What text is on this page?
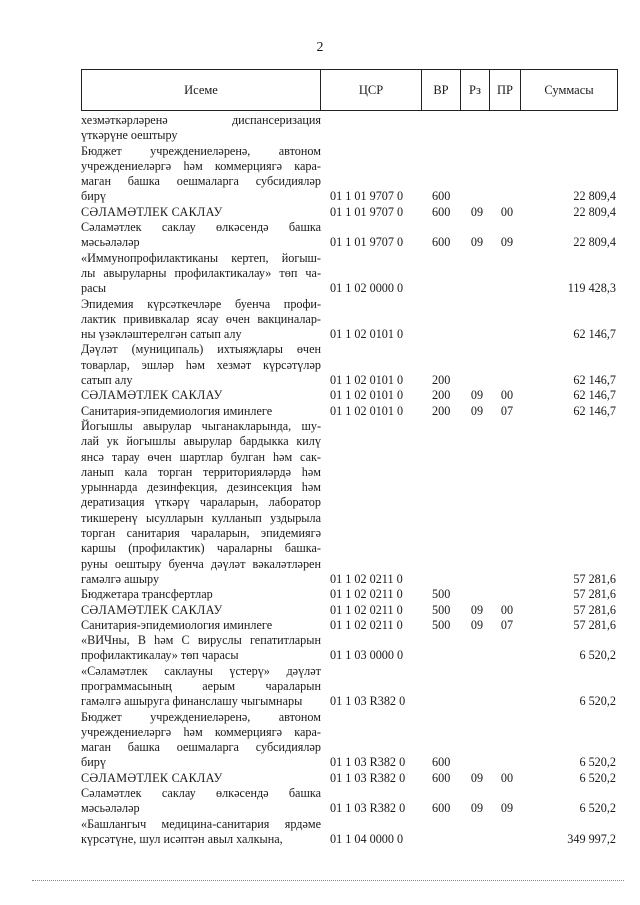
2
Исеме	ЦСР	ВР	Рз	ПР	Суммасы
хезмәткәрләренә диспансеризация
үткәрүне оештыру
Бюджет учреждениеләренә, автоном
учреждениеләргә һәм коммерциягә кара-
маган башка оешмаларга субсидияләр
бирү	01 1 01 9707 0	600	22 809,4
СӘЛАМӘТЛЕК САКЛАУ	01 1 01 9707 0	600	09	00	22 809,4
Сәламәтлек саклау өлкәсендә башка
мәсьәләләр	01 1 01 9707 0	600	09	09	22 809,4
«Иммунопрофилактиканы кертеп, йогыш-
лы авыруларны профилактикалау» төп ча-
расы	01 1 02 0000 0	119 428,3
Эпидемия күрсәткечләре буенча профи-
лактик прививкалар ясау өчен вакциналар-
ны үзәкләштерелгән сатып алу	01 1 02 0101 0	62 146,7
Дәүләт (муниципаль) ихтыяҗлары өчен
товарлар, эшләр һәм хезмәт күрсәтүләр
сатып алу	01 1 02 0101 0	200	62 146,7
СӘЛАМӘТЛЕК САКЛАУ	01 1 02 0101 0	200	09	00	62 146,7
Санитария-эпидемиология иминлеге	01 1 02 0101 0	200	09	07	62 146,7
Йогышлы авырулар чыганакларында, шу-
лай ук йогышлы авырулар бардыкка килү
янсә тарау өчен шартлар булган һәм сак-
ланып кала торган территорияләрдә һәм
урыннарда дезинфекция, дезинсекция һәм
дератизация үткәрү чараларын, лаборатор
тикшеренү ысулларын кулланып уздырыла
торган санитария чараларын, эпидемиягә
каршы (профилактик) чараларны башка-
руны оештыру буенча дәүләт вәкаләтләрен
гамәлгә ашыру	01 1 02 0211 0	57 281,6
Бюджетара трансфертлар	01 1 02 0211 0	500	57 281,6
СӘЛАМӘТЛЕК САКЛАУ	01 1 02 0211 0	500	09	00	57 281,6
Санитария-эпидемиология иминлеге	01 1 02 0211 0	500	09	07	57 281,6
«ВИЧны, В һәм С вируслы гепатитларын
профилактикалау» төп чарасы	01 1 03 0000 0	6 520,2
«Сәламәтлек саклауны үстерү» дәүләт
программасының аерым чараларын
гамәлгә ашыруга финанслашу чыгымнары	01 1 03 R382 0	6 520,2
Бюджет учреждениеләренә, автоном
учреждениеләргә һәм коммерциягә кара-
маган башка оешмаларга субсидияләр
бирү	01 1 03 R382 0	600	6 520,2
СӘЛАМӘТЛЕК САКЛАУ	01 1 03 R382 0	600	09	00	6 520,2
Сәламәтлек саклау өлкәсендә башка
мәсьәләләр	01 1 03 R382 0	600	09	09	6 520,2
«Башлангыч медицина-санитария ярдәме
күрсәтүне, шул исәптән авыл халкына,	01 1 04 0000 0	349 997,2
